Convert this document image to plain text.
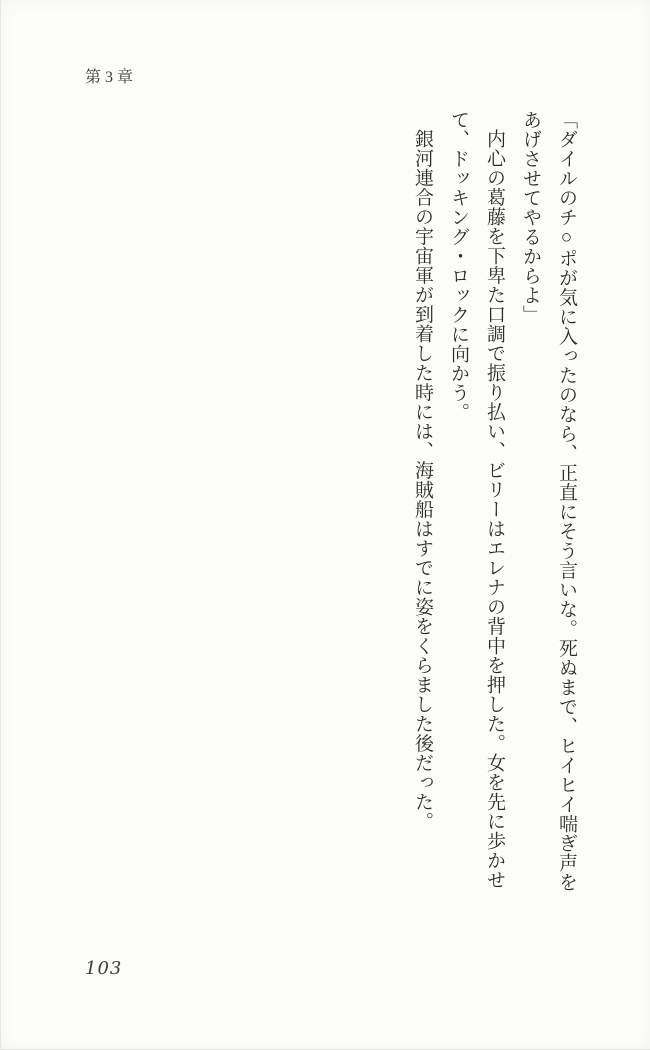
第3章

「ダイルのチ○ポが気に入ったのなら、正直にそう言いな。死ぬまで、ヒイヒイ喘ぎ声をあげさせてやるからよ」

内心の葛藤を下卑た口調で振り払い、ビリーはエレナの背中を押した。女を先に歩かせて、ドッキング・ロックに向かう。

銀河連合の宇宙軍が到着した時には、海賊船はすでに姿をくらました後だった。

103
